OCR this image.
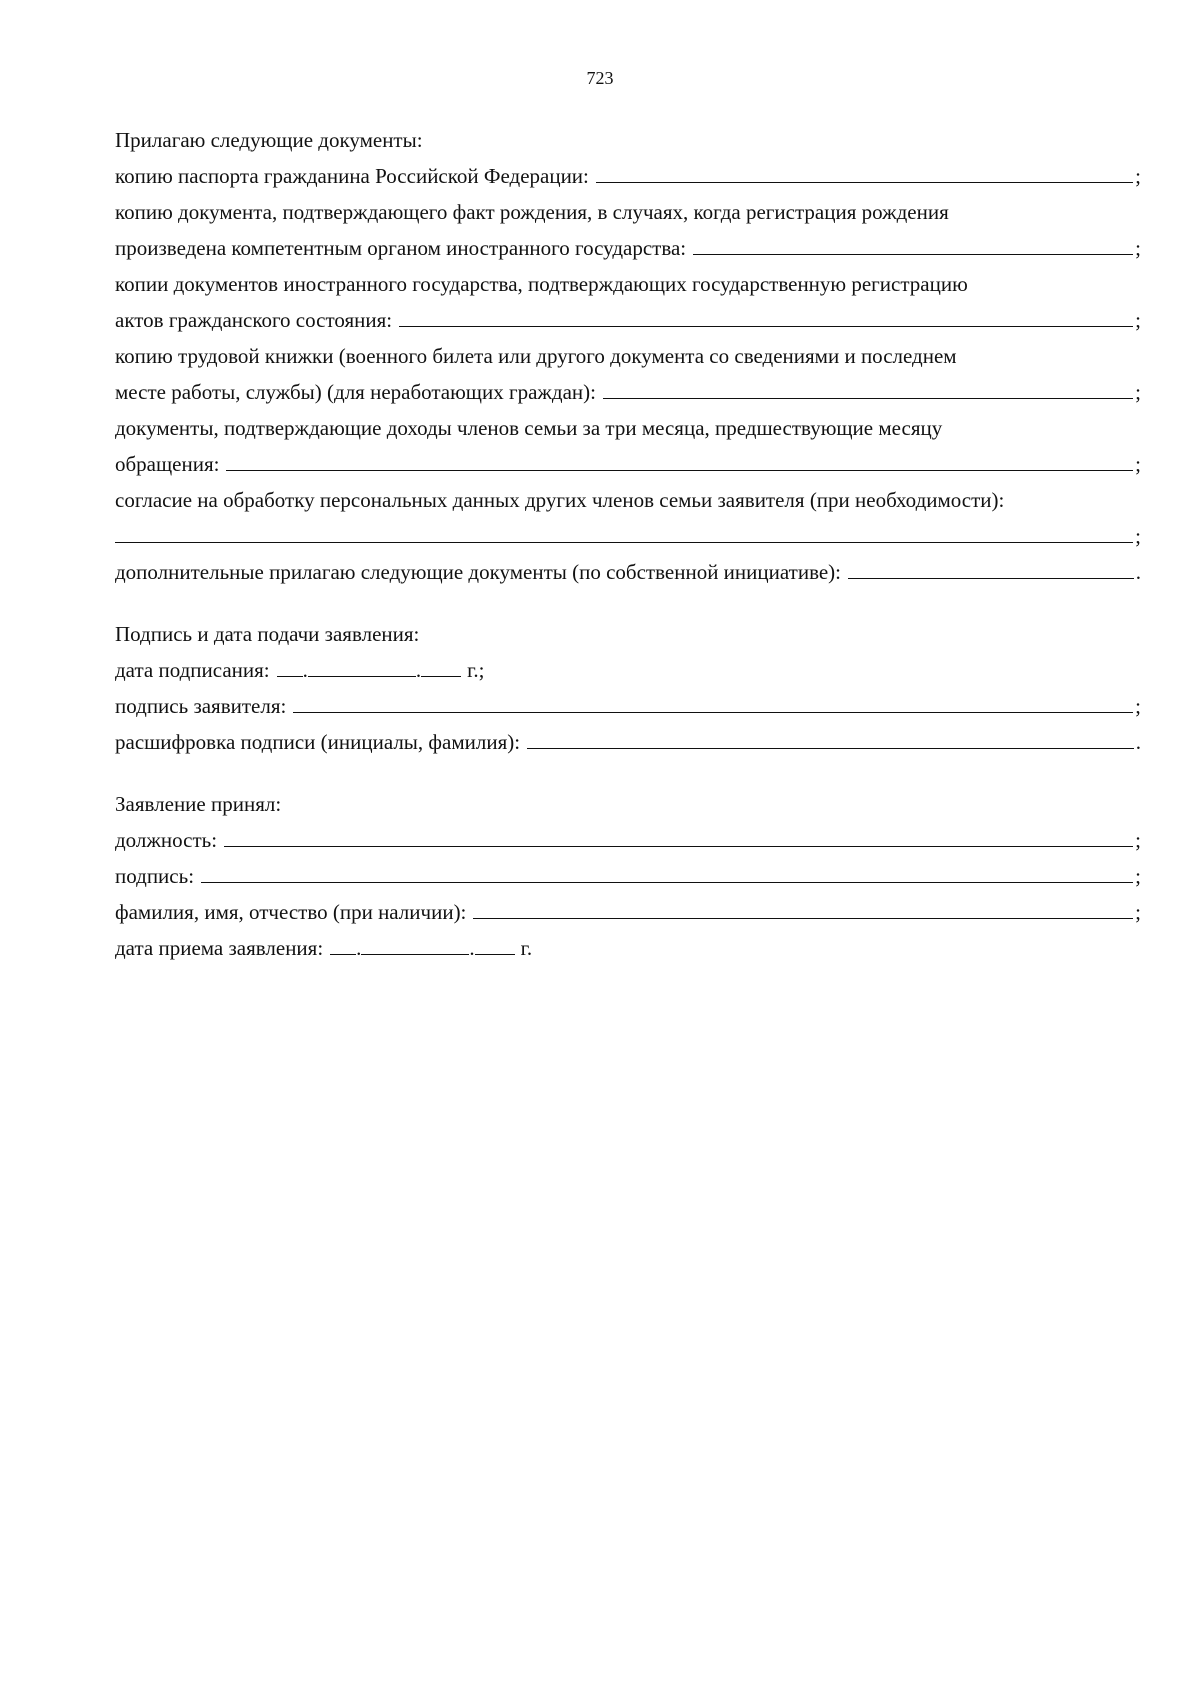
723
Прилагаю следующие документы:
копию паспорта гражданина Российской Федерации:	;
копию документа, подтверждающего факт рождения, в случаях, когда регистрация рождения
произведена компетентным органом иностранного государства:	;
копии документов иностранного государства, подтверждающих государственную регистрацию
актов гражданского состояния:	;
копию трудовой книжки (военного билета или другого документа со сведениями и последнем
месте работы, службы) (для неработающих граждан):	;
документы, подтверждающие доходы членов семьи за три месяца, предшествующие месяцу
обращения:	;
согласие на обработку персональных данных других членов семьи заявителя (при необходимости):
;
дополнительные прилагаю следующие документы (по собственной инициативе):	.
Подпись и дата подачи заявления:
дата подписания: .	. г.;
подпись заявителя:	;
расшифровка подписи (инициалы, фамилия):	.
Заявление принял:
должность:	;
подпись:	;
фамилия, имя, отчество (при наличии):	;
дата приема заявления: .	. г.
